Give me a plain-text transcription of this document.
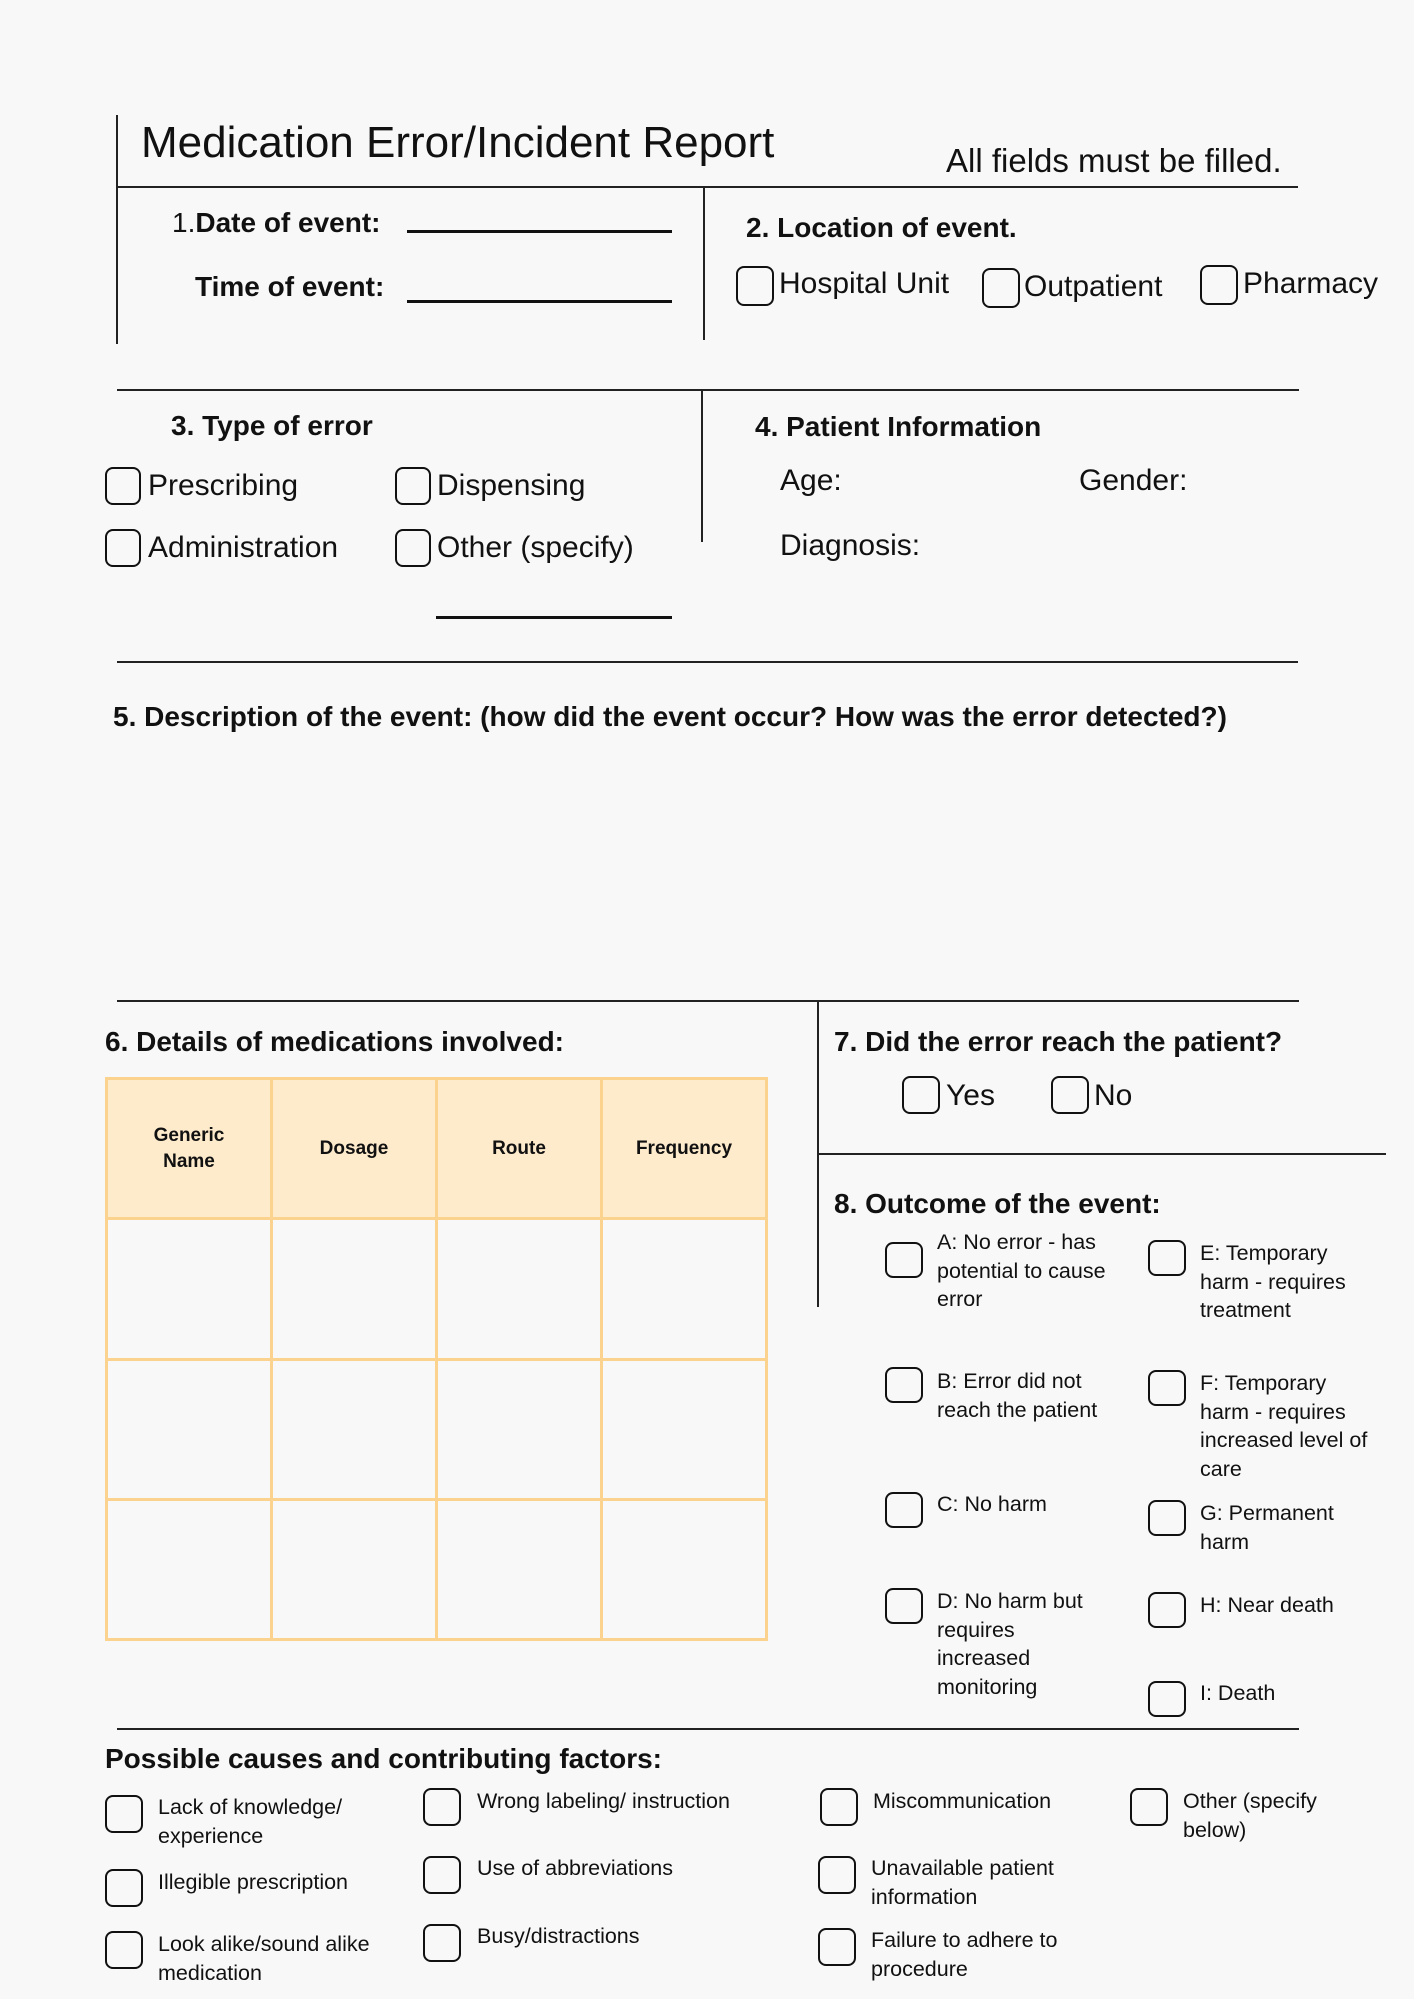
Medication Error/Incident Report	All fields must be filled.
1.Date of event:
Time of event:
2. Location of event.
Hospital Unit Outpatient	Pharmacy
3. Type of error
Prescribing	Dispensing
Administration	Other (specify)
4. Patient Information
Age:	Gender:
Diagnosis:
5. Description of the event: (how did the event occur? How was the error detected?)
6. Details of medications involved:
Generic Name	Dosage	Route	Frequency

7. Did the error reach the patient?
Yes	No
8. Outcome of the event:
A: No error - has potential to cause error
B: Error did not reach the patient
C: No harm
D: No harm but requires increased monitoring
E: Temporary harm - requires treatment
F: Temporary harm - requires increased level of care
G: Permanent harm
H: Near death
I: Death
Possible causes and contributing factors:
Lack of knowledge/ experience
Illegible prescription
Look alike/sound alike medication
Wrong labeling/ instruction
Use of abbreviations
Busy/distractions
Miscommunication
Unavailable patient information
Failure to adhere to procedure
Other (specify below)
